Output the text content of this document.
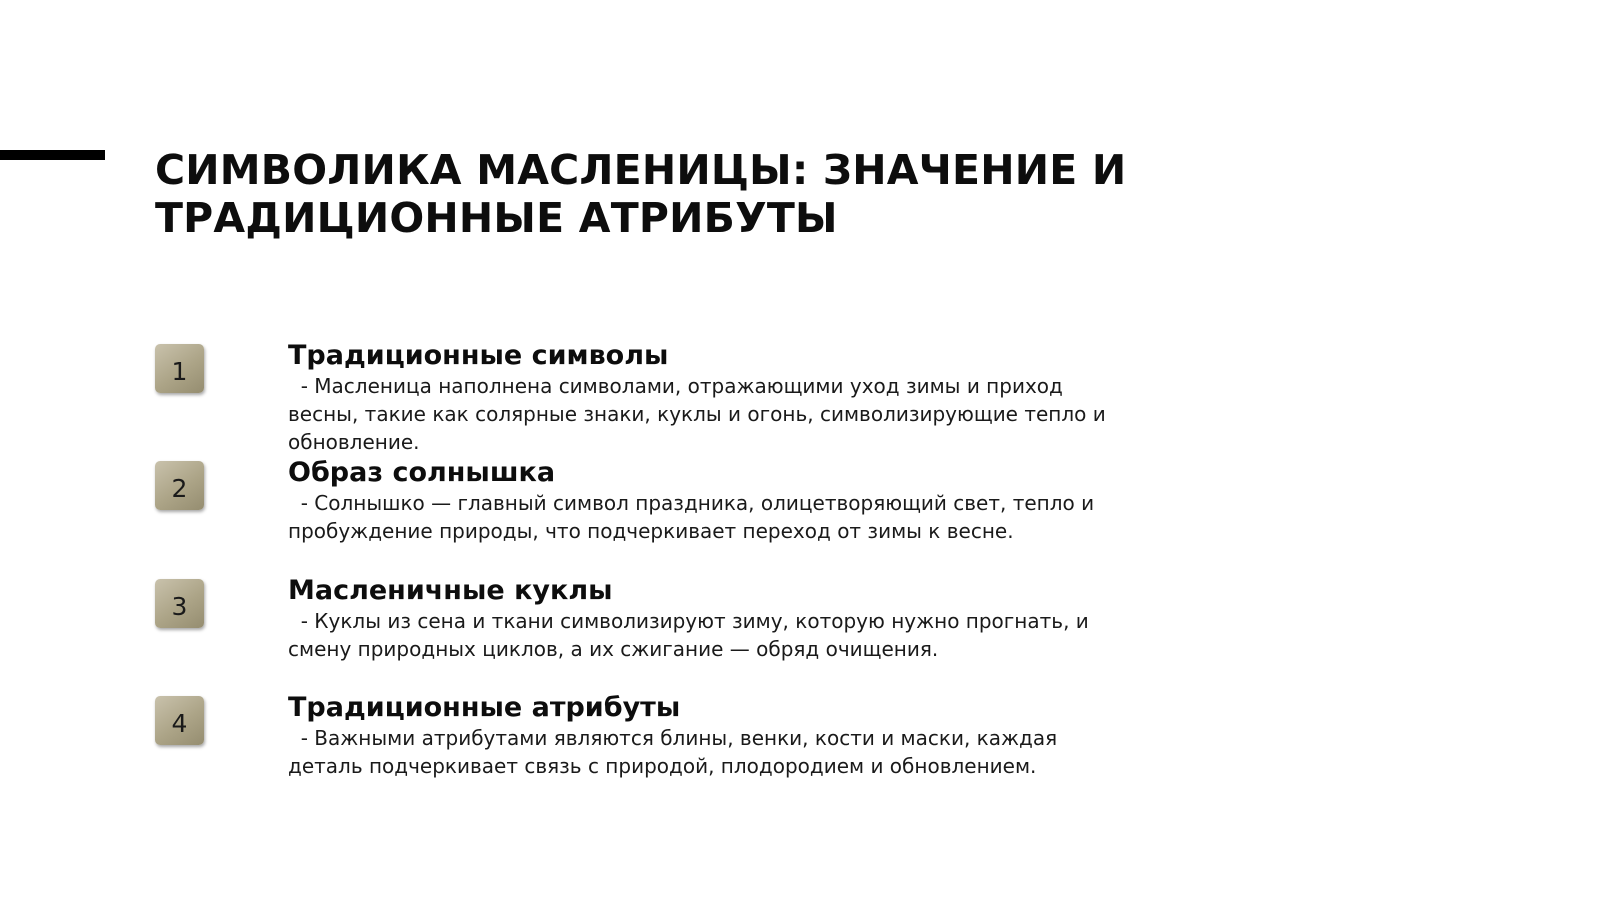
СИМВОЛИКА МАСЛЕНИЦЫ: ЗНАЧЕНИЕ И ТРАДИЦИОННЫЕ АТРИБУТЫ
1

Традиционные символы

- Масленица наполнена символами, отражающими уход зимы и приход весны, такие как солярные знаки, куклы и огонь, символизирующие тепло и обновление.

2

Образ солнышка

- Солнышко — главный символ праздника, олицетворяющий свет, тепло и пробуждение природы, что подчеркивает переход от зимы к весне.

3

Масленичные куклы

- Куклы из сена и ткани символизируют зиму, которую нужно прогнать, и смену природных циклов, а их сжигание — обряд очищения.

4

Традиционные атрибуты

- Важными атрибутами являются блины, венки, кости и маски, каждая деталь подчеркивает связь с природой, плодородием и обновлением.
